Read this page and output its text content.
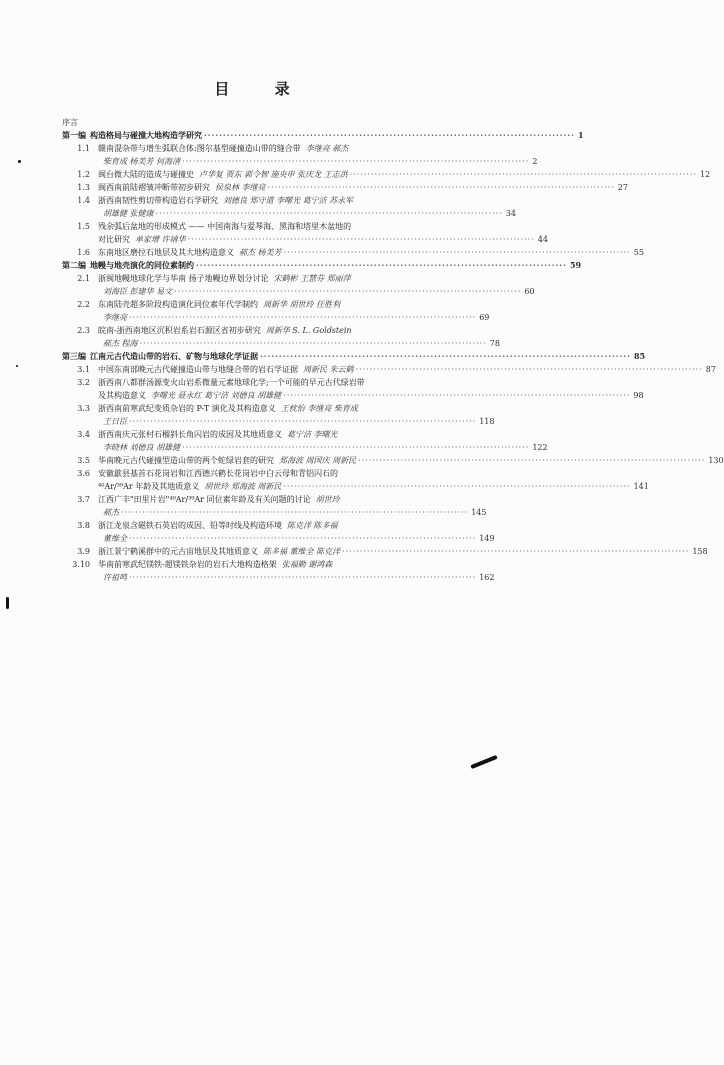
目 录
序言
第一编 构造格局与碰撞大地构造学研究 ·····	1
1.1 赣南混杂带与增生弧联合体:图尔基型碰撞造山带的缝合带 李继亮 郝杰
柴育成 杨美芳 何海清 ·····	2
1.2 闽台微大陆的造成与碰撞史 卢华复 贾东 郭令智 施央申 张庆龙 王志洪 ·····	12
1.3 闽西南前陆褶皱冲断带初步研究 侯泉林 李继亮 ·····	27
1.4 浙西南韧性剪切带构造岩石学研究 刘德良 郑守道 李曙光 葛宁洁 苏永军
胡雄健 张健康 ·····	34
1.5 残余弧后盆地的形成模式 —— 中国南海与爱琴海、黑海和塔里木盆地的
对比研究 单家增 许靖华 ·····	44
1.6 东南地区磨拉石地层及其大地构造意义 郝杰 杨美芳 ·····	55
第二编 地幔与地壳演化的同位素制约 ·····	59
2.1 浙闽地幔地球化学与华南 扬子地幔边界划分讨论 宋鹤彬 王慧芬 郑丽萍
刘海臣 彭建华 易文 ·····	60
2.2 东南陆壳超多阶段构造演化同位素年代学制约 周新华 胡世玲 任胜利
李继亮 ·····	69
2.3 皖南-浙西南地区沉积岩系岩石源区省初步研究 周新华 S. L. Goldstein
郝杰 程海 ·····	78
第三编 江南元古代造山带的岩石、矿物与地球化学证据 ·····	85
3.1 中国东南部晚元古代碰撞造山带与地缝合带的岩石学证据 周新民 朱云鹤 ·····	87
3.2 浙西南八都群汤源变火山岩系微量元素地球化学;一个可能的早元古代绿岩带
及其构造意义 李曙光 聂永红 葛宁洁 刘德良 胡雄健 ·····	98
3.3 浙西南前寒武纪变质杂岩的 P-T 演化及其构造意义 王枕怡 李继亮 柴育成
王日臣 ·····	118
3.4 浙西南庆元张村石榴斜长角闪岩的成因及其地质意义 葛宁洁 李曙光
李晓林 刘德良 胡雄健 ·····	122
3.5 华南晚元古代碰撞型造山带的两个蛇绿岩套的研究 郑海波 周国庆 周新民 ·····	130
3.6 安徽歙县基首石花岗岩和江西德兴鹤长花岗岩中白云母和青铝闪石的
⁴⁰Ar/³⁹Ar 年龄及其地质意义 胡世玲 郑海波 周新民 ·····	141
3.7 江西广丰"田里片岩"⁴⁰Ar/³⁹Ar 同位素年龄及有关问题的讨论 胡世玲
郝杰 ·····	145
3.8 浙江龙泉含磁铁石英岩的成因、铅等时线及构造环境 陈克洋 陈多福
董维全 ·····	149
3.9 浙江景宁鹤溪群中的元古宙地层及其地质意义 陈多福 董维全 陈克洋 ·····	158
3.10 华南前寒武纪镁铁-超镁铁杂岩的岩石大地构造格架 张福勤 谢鸿森
许祖鸣 ·····	162
